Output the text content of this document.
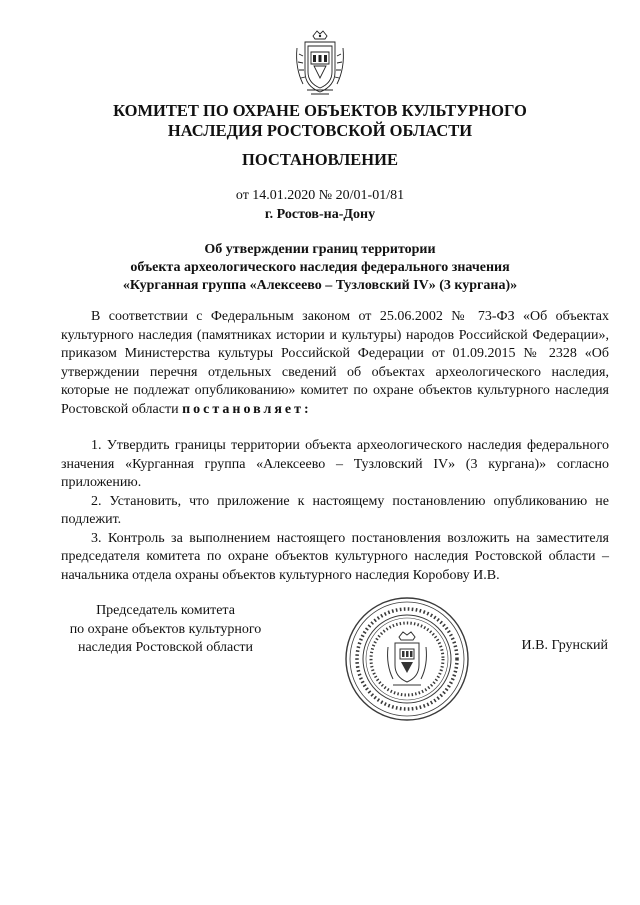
КОМИТЕТ ПО ОХРАНЕ ОБЪЕКТОВ КУЛЬТУРНОГО
НАСЛЕДИЯ РОСТОВСКОЙ ОБЛАСТИ
ПОСТАНОВЛЕНИЕ
от 14.01.2020 № 20/01-01/81
г. Ростов-на-Дону
Об утверждении границ территории
объекта археологического наследия федерального значения
«Курганная группа «Алексеево – Тузловский IV» (3 кургана)»

В соответствии с Федеральным законом от 25.06.2002 № 73-ФЗ «Об объектах культурного наследия (памятниках истории и культуры) народов Российской Федерации», приказом Министерства культуры Российской Федерации от 01.09.2015 № 2328 «Об утверждении перечня отдельных сведений об объектах археологического наследия, которые не подлежат опубликованию» комитет по охране объектов культурного наследия Ростовской области постановляет:

1. Утвердить границы территории объекта археологического наследия федерального значения «Курганная группа «Алексеево – Тузловский IV» (3 кургана)» согласно приложению.

2. Установить, что приложение к настоящему постановлению опубликованию не подлежит.

3. Контроль за выполнением настоящего постановления возложить на заместителя председателя комитета по охране объектов культурного наследия Ростовской области – начальника отдела охраны объектов культурного наследия Коробову И.В.

Председатель комитета
по охране объектов культурного
наследия Ростовской области	И.В. Грунский
